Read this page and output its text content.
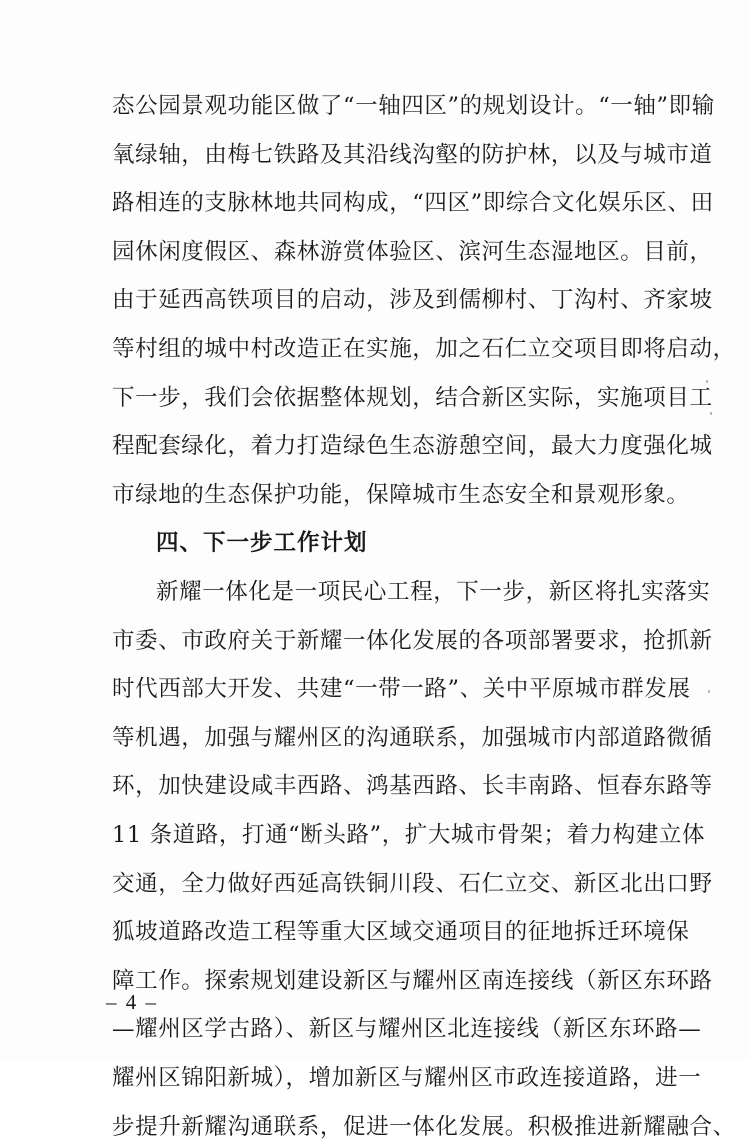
态公园景观功能区做了“一轴四区”的规划设计。“一轴”即输
氧绿轴，由梅七铁路及其沿线沟壑的防护林，以及与城市道
路相连的支脉林地共同构成，“四区”即综合文化娱乐区、田
园休闲度假区、森林游赏体验区、滨河生态湿地区。目前，
由于延西高铁项目的启动，涉及到儒柳村、丁沟村、齐家坡
等村组的城中村改造正在实施，加之石仁立交项目即将启动，
下一步，我们会依据整体规划，结合新区实际，实施项目工
程配套绿化，着力打造绿色生态游憩空间，最大力度强化城
市绿地的生态保护功能，保障城市生态安全和景观形象。
四、下一步工作计划
新耀一体化是一项民心工程，下一步，新区将扎实落实
市委、市政府关于新耀一体化发展的各项部署要求，抢抓新
时代西部大开发、共建“一带一路”、关中平原城市群发展
等机遇，加强与耀州区的沟通联系，加强城市内部道路微循
环，加快建设咸丰西路、鸿基西路、长丰南路、恒春东路等
11 条道路，打通“断头路”，扩大城市骨架；着力构建立体
交通，全力做好西延高铁铜川段、石仁立交、新区北出口野
狐坡道路改造工程等重大区域交通项目的征地拆迁环境保
障工作。探索规划建设新区与耀州区南连接线（新区东环路
—耀州区学古路）、新区与耀州区北连接线（新区东环路—
耀州区锦阳新城），增加新区与耀州区市政连接道路，进一
步提升新耀沟通联系，促进一体化发展。积极推进新耀融合、
– 4 –
